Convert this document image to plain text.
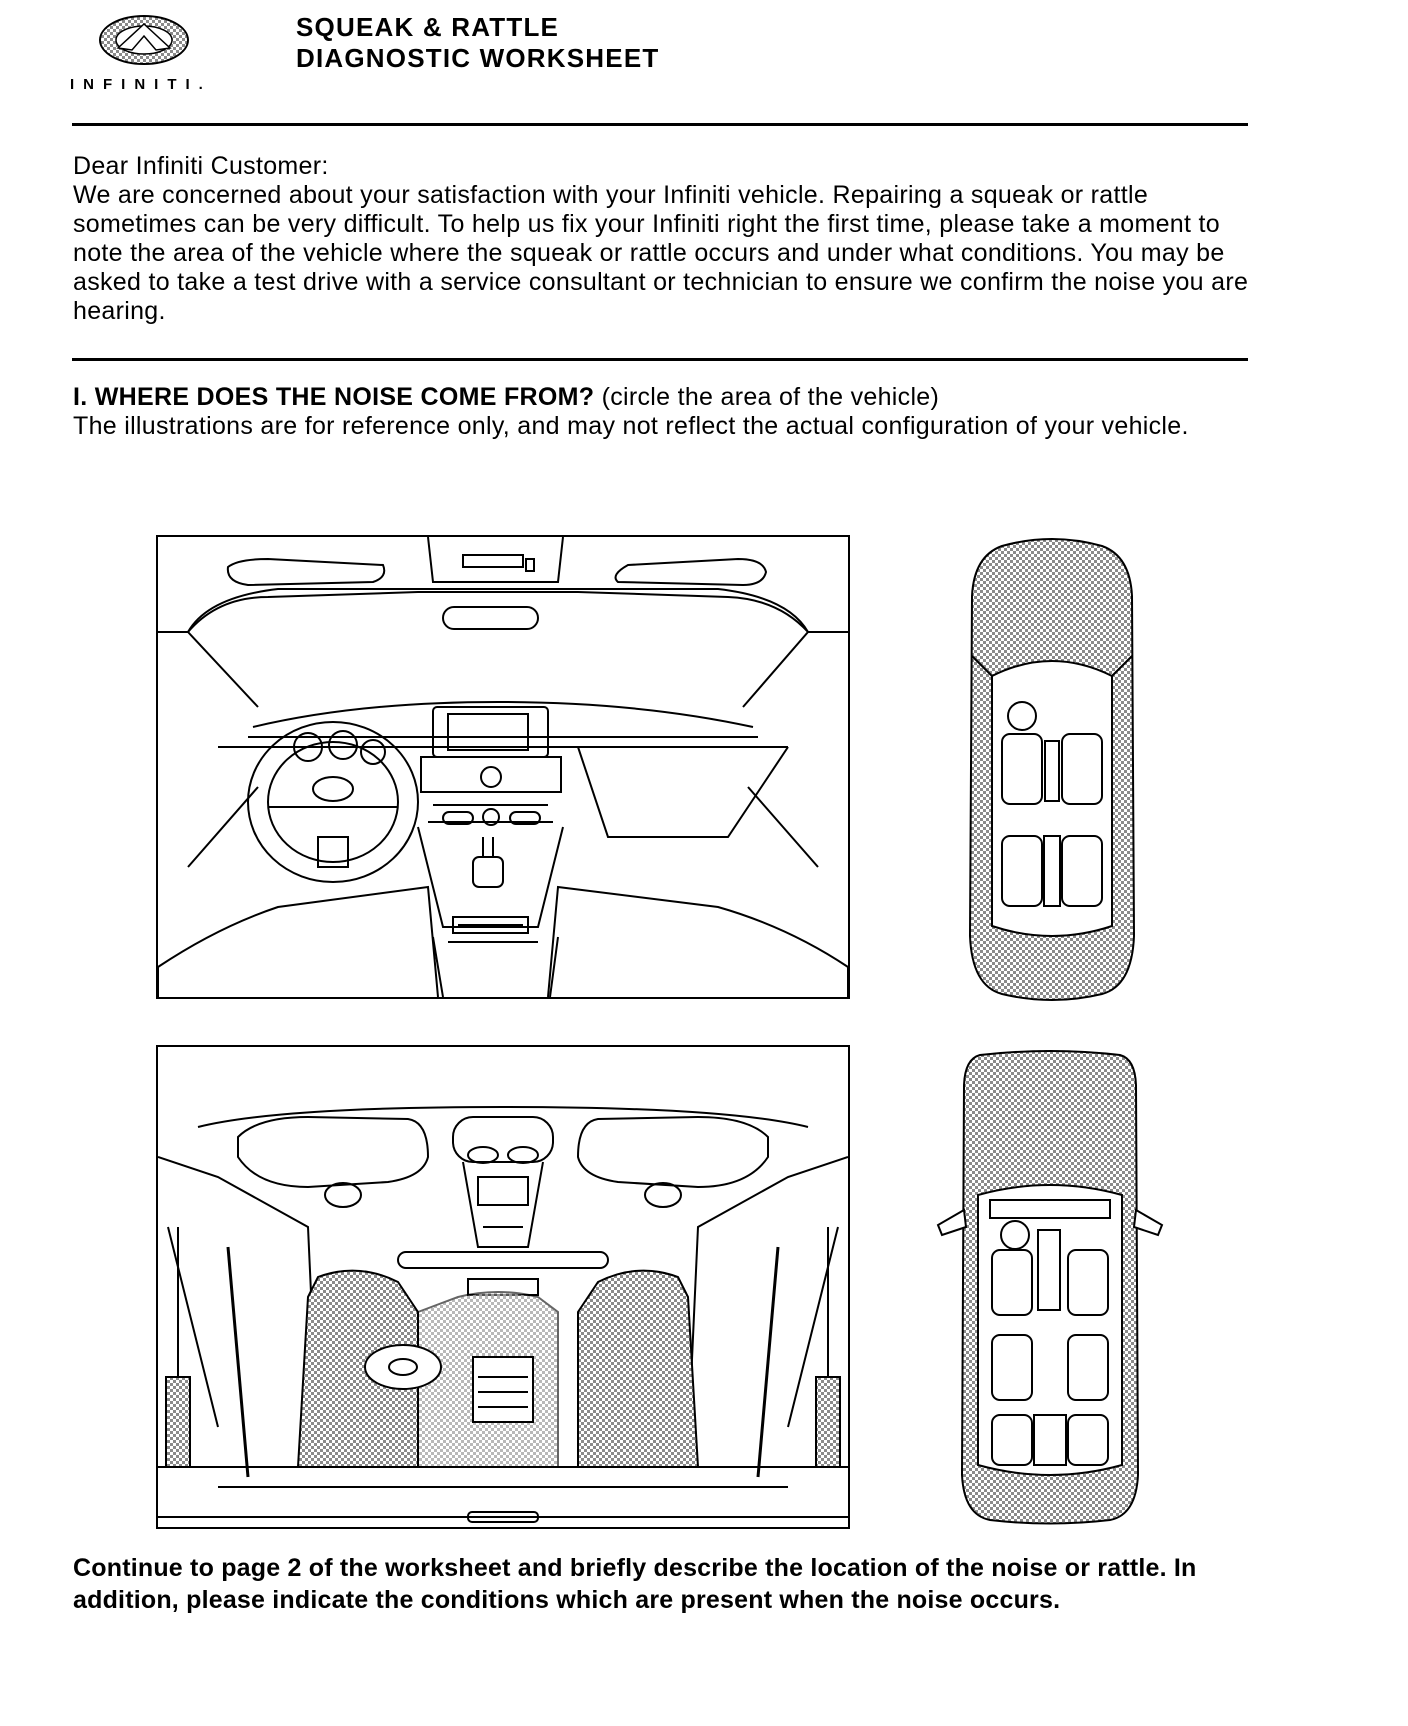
INFINITI.
SQUEAK & RATTLE
DIAGNOSTIC WORKSHEET

Dear Infiniti Customer:

We are concerned about your satisfaction with your Infiniti vehicle. Repairing a squeak or rattle sometimes can be very difficult. To help us fix your Infiniti right the first time, please take a moment to note the area of the vehicle where the squeak or rattle occurs and under what conditions. You may be asked to take a test drive with a service consultant or technician to ensure we confirm the noise you are hearing.

I. WHERE DOES THE NOISE COME FROM? (circle the area of the vehicle)

The illustrations are for reference only, and may not reflect the actual configuration of your vehicle.

Continue to page 2 of the worksheet and briefly describe the location of the noise or rattle. In addition, please indicate the conditions which are present when the noise occurs.
